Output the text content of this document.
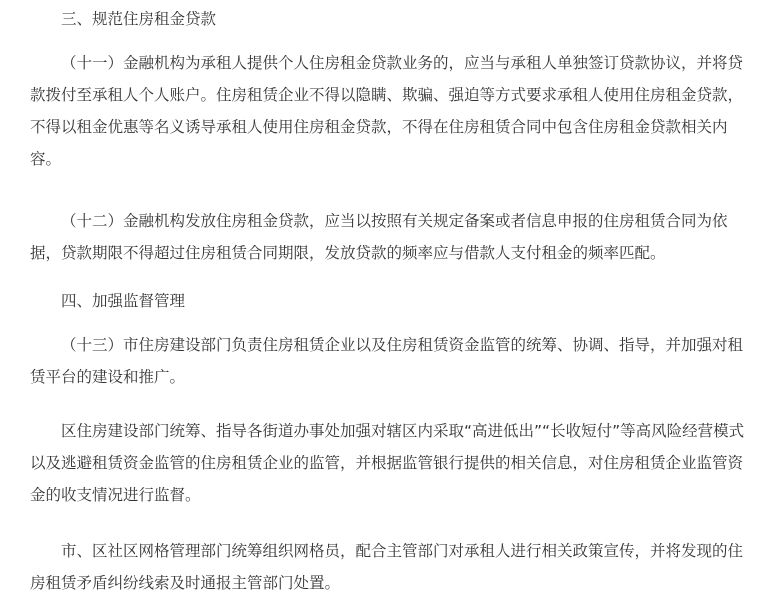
三、规范住房租金贷款

（十一）金融机构为承租人提供个人住房租金贷款业务的，应当与承租人单独签订贷款协议，并将贷款拨付至承租人个人账户。住房租赁企业不得以隐瞒、欺骗、强迫等方式要求承租人使用住房租金贷款，不得以租金优惠等名义诱导承租人使用住房租金贷款，不得在住房租赁合同中包含住房租金贷款相关内容。

（十二）金融机构发放住房租金贷款，应当以按照有关规定备案或者信息申报的住房租赁合同为依据，贷款期限不得超过住房租赁合同期限，发放贷款的频率应与借款人支付租金的频率匹配。

四、加强监督管理

（十三）市住房建设部门负责住房租赁企业以及住房租赁资金监管的统筹、协调、指导，并加强对租赁平台的建设和推广。

区住房建设部门统筹、指导各街道办事处加强对辖区内采取“高进低出”“长收短付”等高风险经营模式以及逃避租赁资金监管的住房租赁企业的监管，并根据监管银行提供的相关信息，对住房租赁企业监管资金的收支情况进行监督。

市、区社区网格管理部门统筹组织网格员，配合主管部门对承租人进行相关政策宣传，并将发现的住房租赁矛盾纠纷线索及时通报主管部门处置。
